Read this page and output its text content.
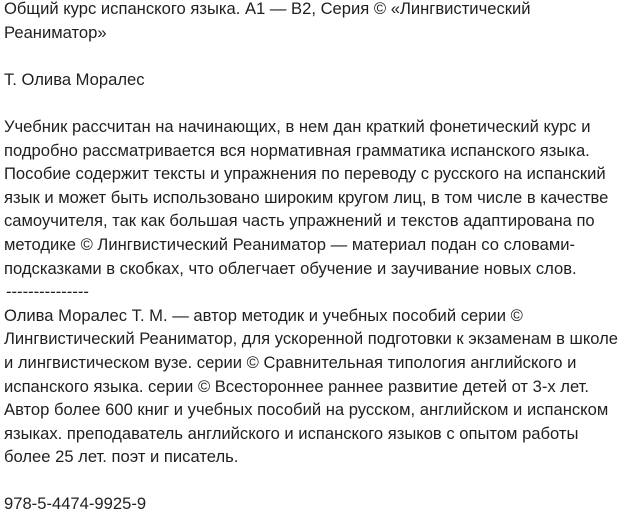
Общий курс испанского языка. A1 — B2, Серия © «Лингвистический Реаниматор»

Т. Олива Моралес

Учебник рассчитан на начинающих, в нем дан краткий фонетический курс и подробно рассматривается вся нормативная грамматика испанского языка. Пособие содержит тексты и упражнения по переводу с русского на испанский язык и может быть использовано широким кругом лиц, в том числе в качестве самоучителя, так как большая часть упражнений и текстов адаптирована по методике © Лингвистический Реаниматор — материал подан со словами-подсказками в скобках, что облегчает обучение и заучивание новых слов.

---------------

Олива Моралес Т. М. — автор методик и учебных пособий серии © Лингвистический Реаниматор, для ускоренной подготовки к экзаменам в школе и лингвистическом вузе. серии © Сравнительная типология английского и испанского языка. серии © Всестороннее раннее развитие детей от 3-х лет. Автор более 600 книг и учебных пособий на русском, английском и испанском языках. преподаватель английского и испанского языков с опытом работы более 25 лет. поэт и писатель.

978-5-4474-9925-9
